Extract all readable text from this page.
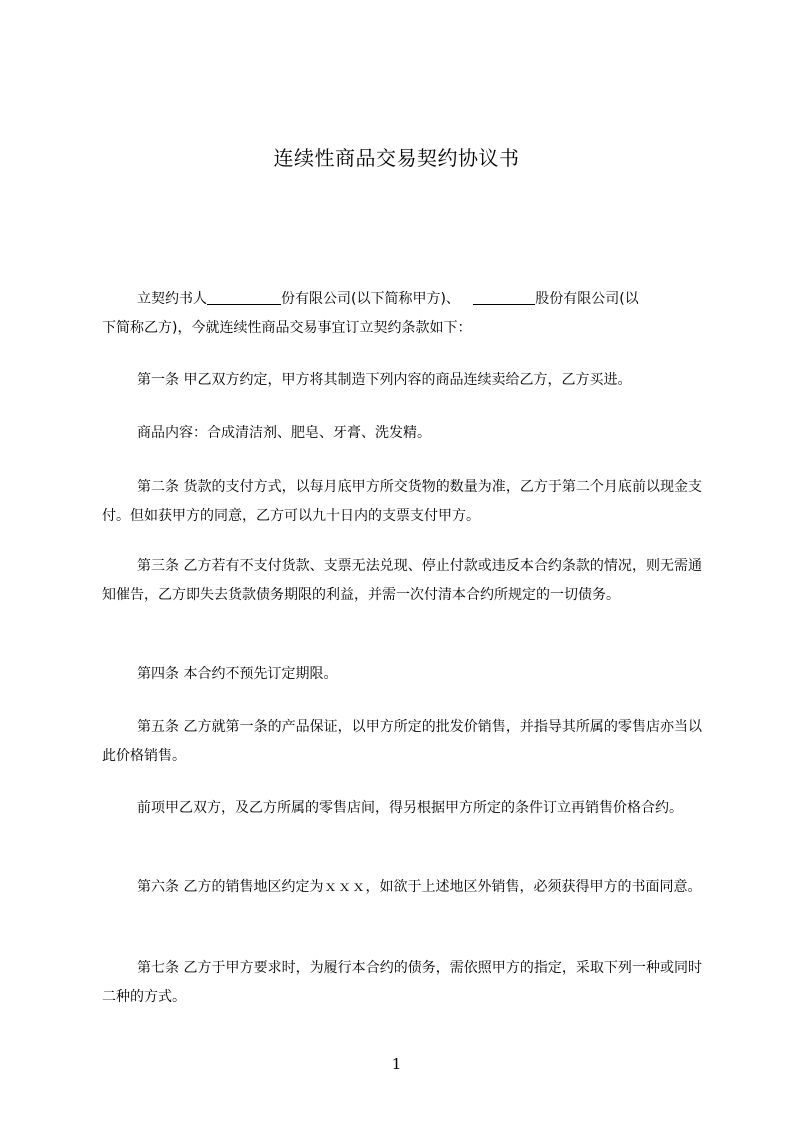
连续性商品交易契约协议书

立契约书人	份有限公司(以下简称甲方)、	股份有限公司(以
下简称乙方)，今就连续性商品交易事宜订立契约条款如下：

第一条 甲乙双方约定，甲方将其制造下列内容的商品连续卖给乙方，乙方买进。

商品内容：合成清洁剂、肥皂、牙膏、洗发精。

第二条 货款的支付方式，以每月底甲方所交货物的数量为准，乙方于第二个月底前以现金支付。但如获甲方的同意，乙方可以九十日内的支票支付甲方。

第三条 乙方若有不支付货款、支票无法兑现、停止付款或违反本合约条款的情况，则无需通知催告，乙方即失去货款债务期限的利益，并需一次付清本合约所规定的一切债务。

第四条 本合约不预先订定期限。

第五条 乙方就第一条的产品保证，以甲方所定的批发价销售，并指导其所属的零售店亦当以此价格销售。

前项甲乙双方，及乙方所属的零售店间，得另根据甲方所定的条件订立再销售价格合约。

第六条 乙方的销售地区约定为ｘｘｘ，如欲于上述地区外销售，必须获得甲方的书面同意。

第七条 乙方于甲方要求时，为履行本合约的债务，需依照甲方的指定，采取下列一种或同时二种的方式。

1
